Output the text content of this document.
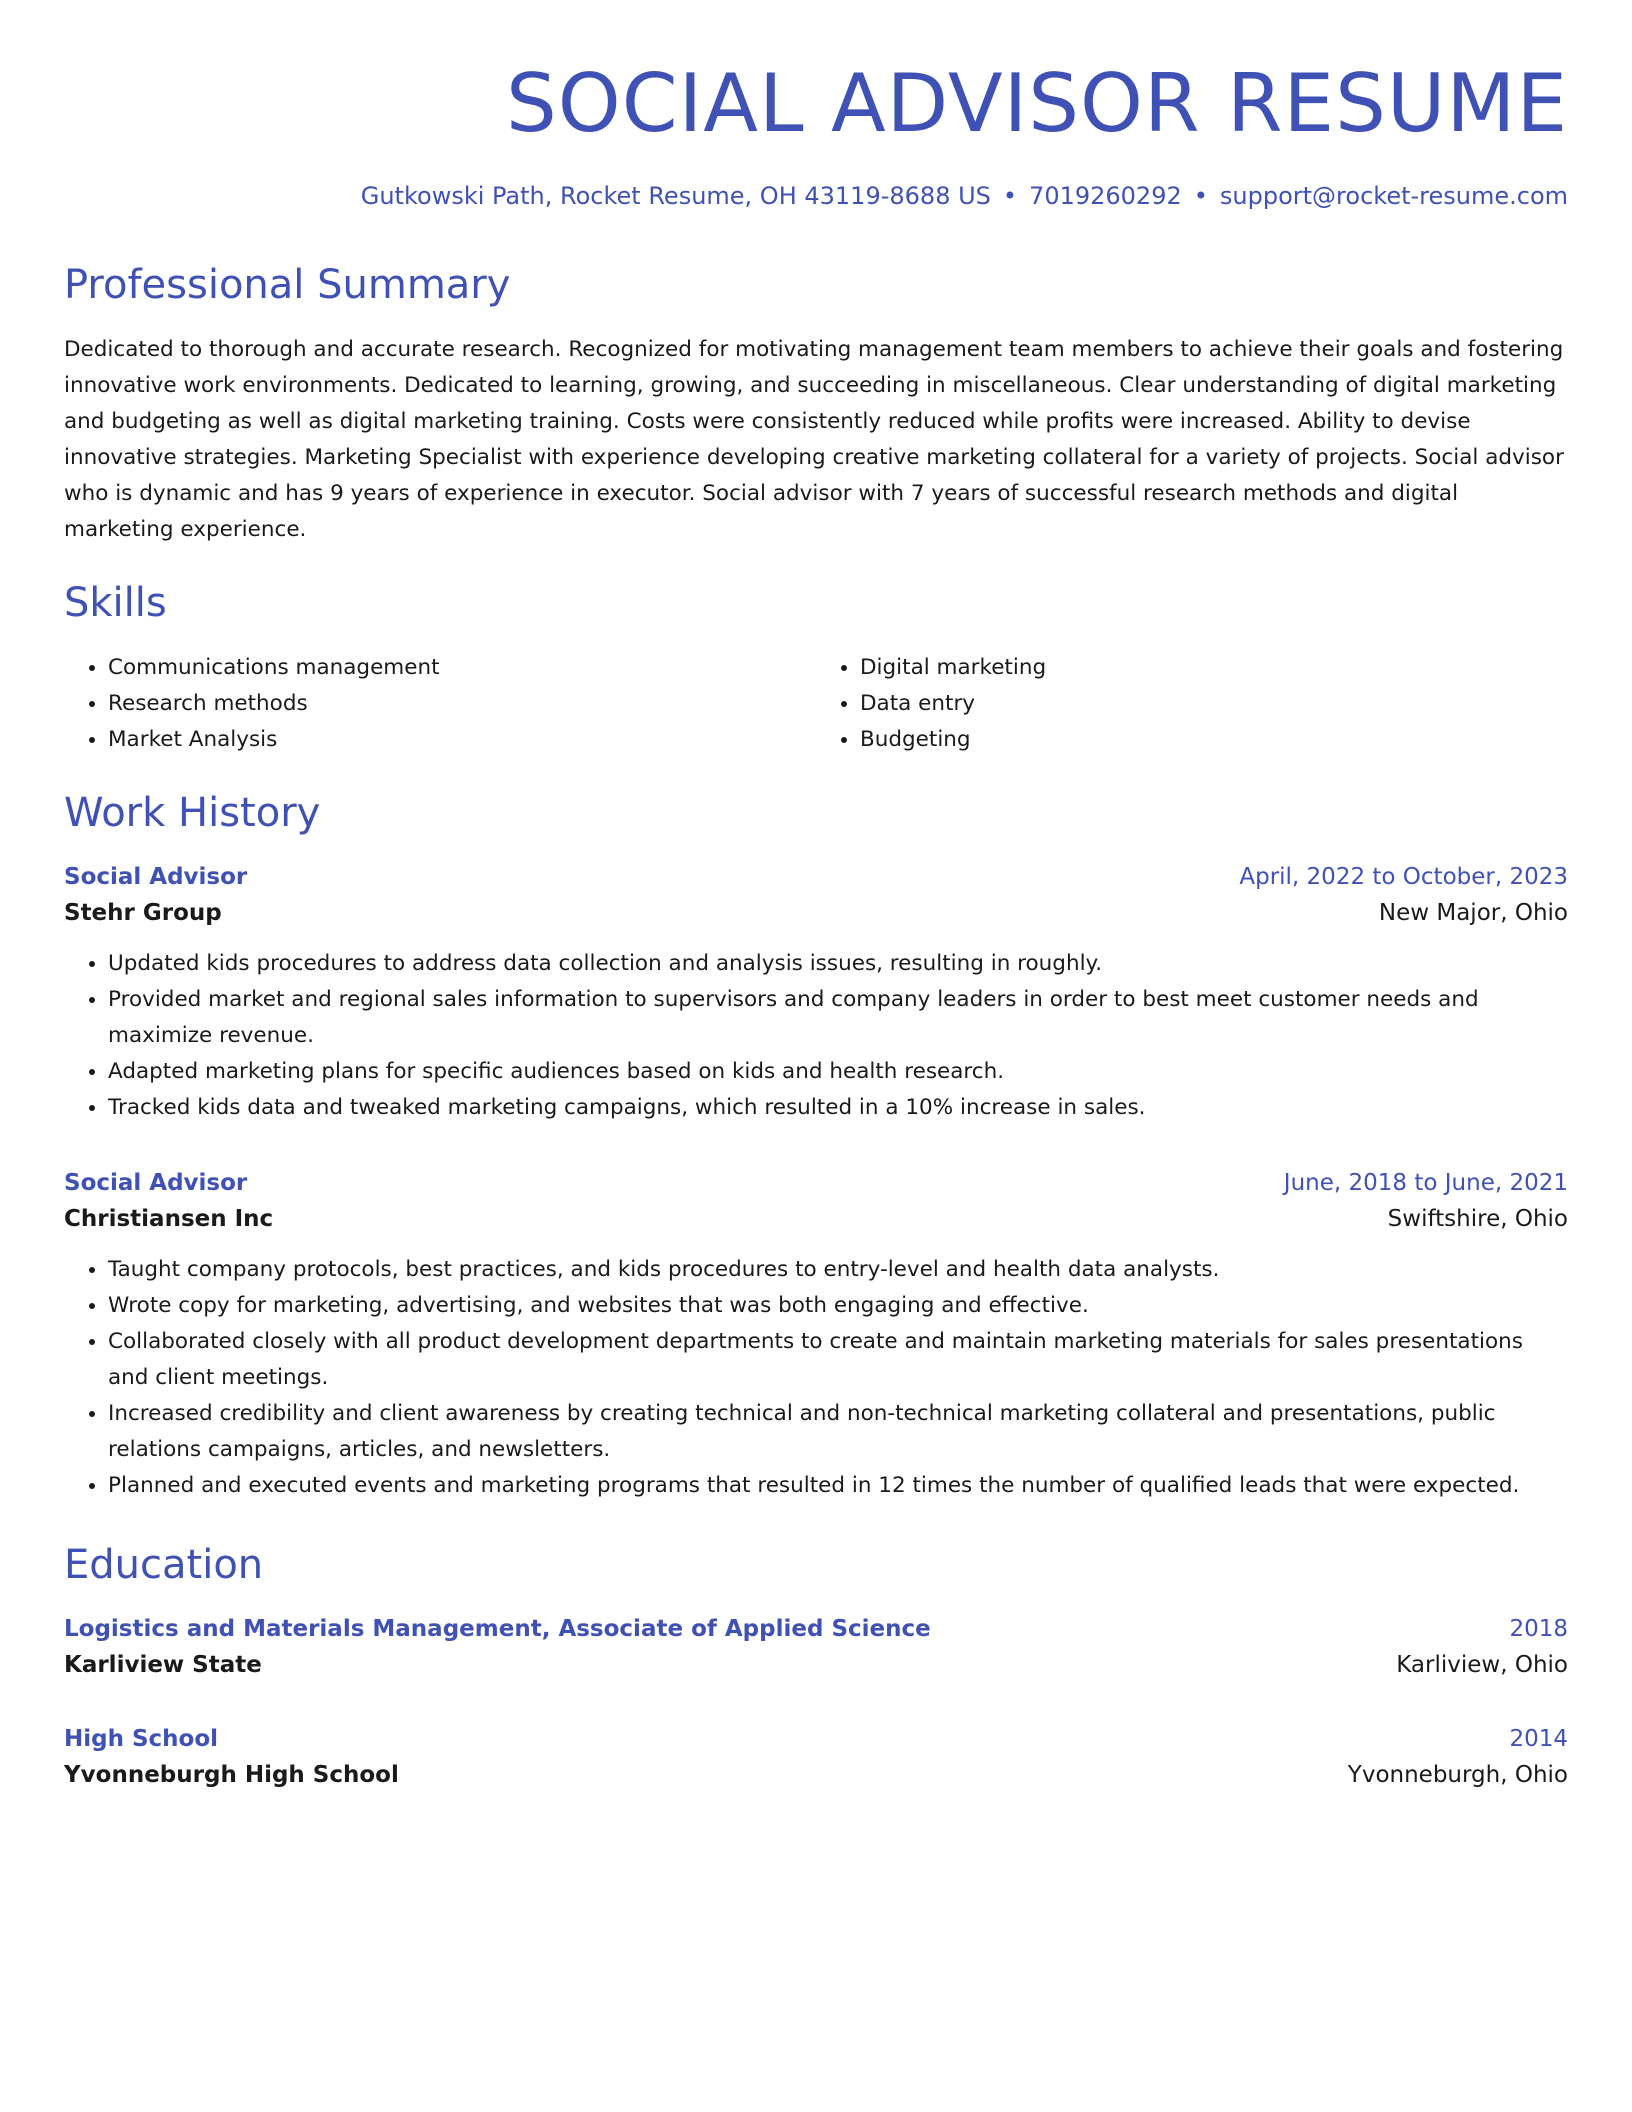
SOCIAL ADVISOR RESUME
Gutkowski Path, Rocket Resume, OH 43119-8688 US • 7019260292 • support@rocket-resume.com
Professional Summary
Dedicated to thorough and accurate research. Recognized for motivating management team members to achieve their goals and fostering innovative work environments. Dedicated to learning, growing, and succeeding in miscellaneous. Clear understanding of digital marketing and budgeting as well as digital marketing training. Costs were consistently reduced while profits were increased. Ability to devise innovative strategies. Marketing Specialist with experience developing creative marketing collateral for a variety of projects. Social advisor who is dynamic and has 9 years of experience in executor. Social advisor with 7 years of successful research methods and digital marketing experience.
Skills
• Communications management
• Research methods
• Market Analysis
• Digital marketing
• Data entry
• Budgeting
Work History
Social Advisor	April, 2022 to October, 2023
Stehr Group	New Major, Ohio
• Updated kids procedures to address data collection and analysis issues, resulting in roughly.
• Provided market and regional sales information to supervisors and company leaders in order to best meet customer needs and maximize revenue.
• Adapted marketing plans for specific audiences based on kids and health research.
• Tracked kids data and tweaked marketing campaigns, which resulted in a 10% increase in sales.
Social Advisor	June, 2018 to June, 2021
Christiansen Inc	Swiftshire, Ohio
• Taught company protocols, best practices, and kids procedures to entry-level and health data analysts.
• Wrote copy for marketing, advertising, and websites that was both engaging and effective.
• Collaborated closely with all product development departments to create and maintain marketing materials for sales presentations and client meetings.
• Increased credibility and client awareness by creating technical and non-technical marketing collateral and presentations, public relations campaigns, articles, and newsletters.
• Planned and executed events and marketing programs that resulted in 12 times the number of qualified leads that were expected.
Education
Logistics and Materials Management, Associate of Applied Science	2018
Karliview State	Karliview, Ohio
High School	2014
Yvonneburgh High School	Yvonneburgh, Ohio
